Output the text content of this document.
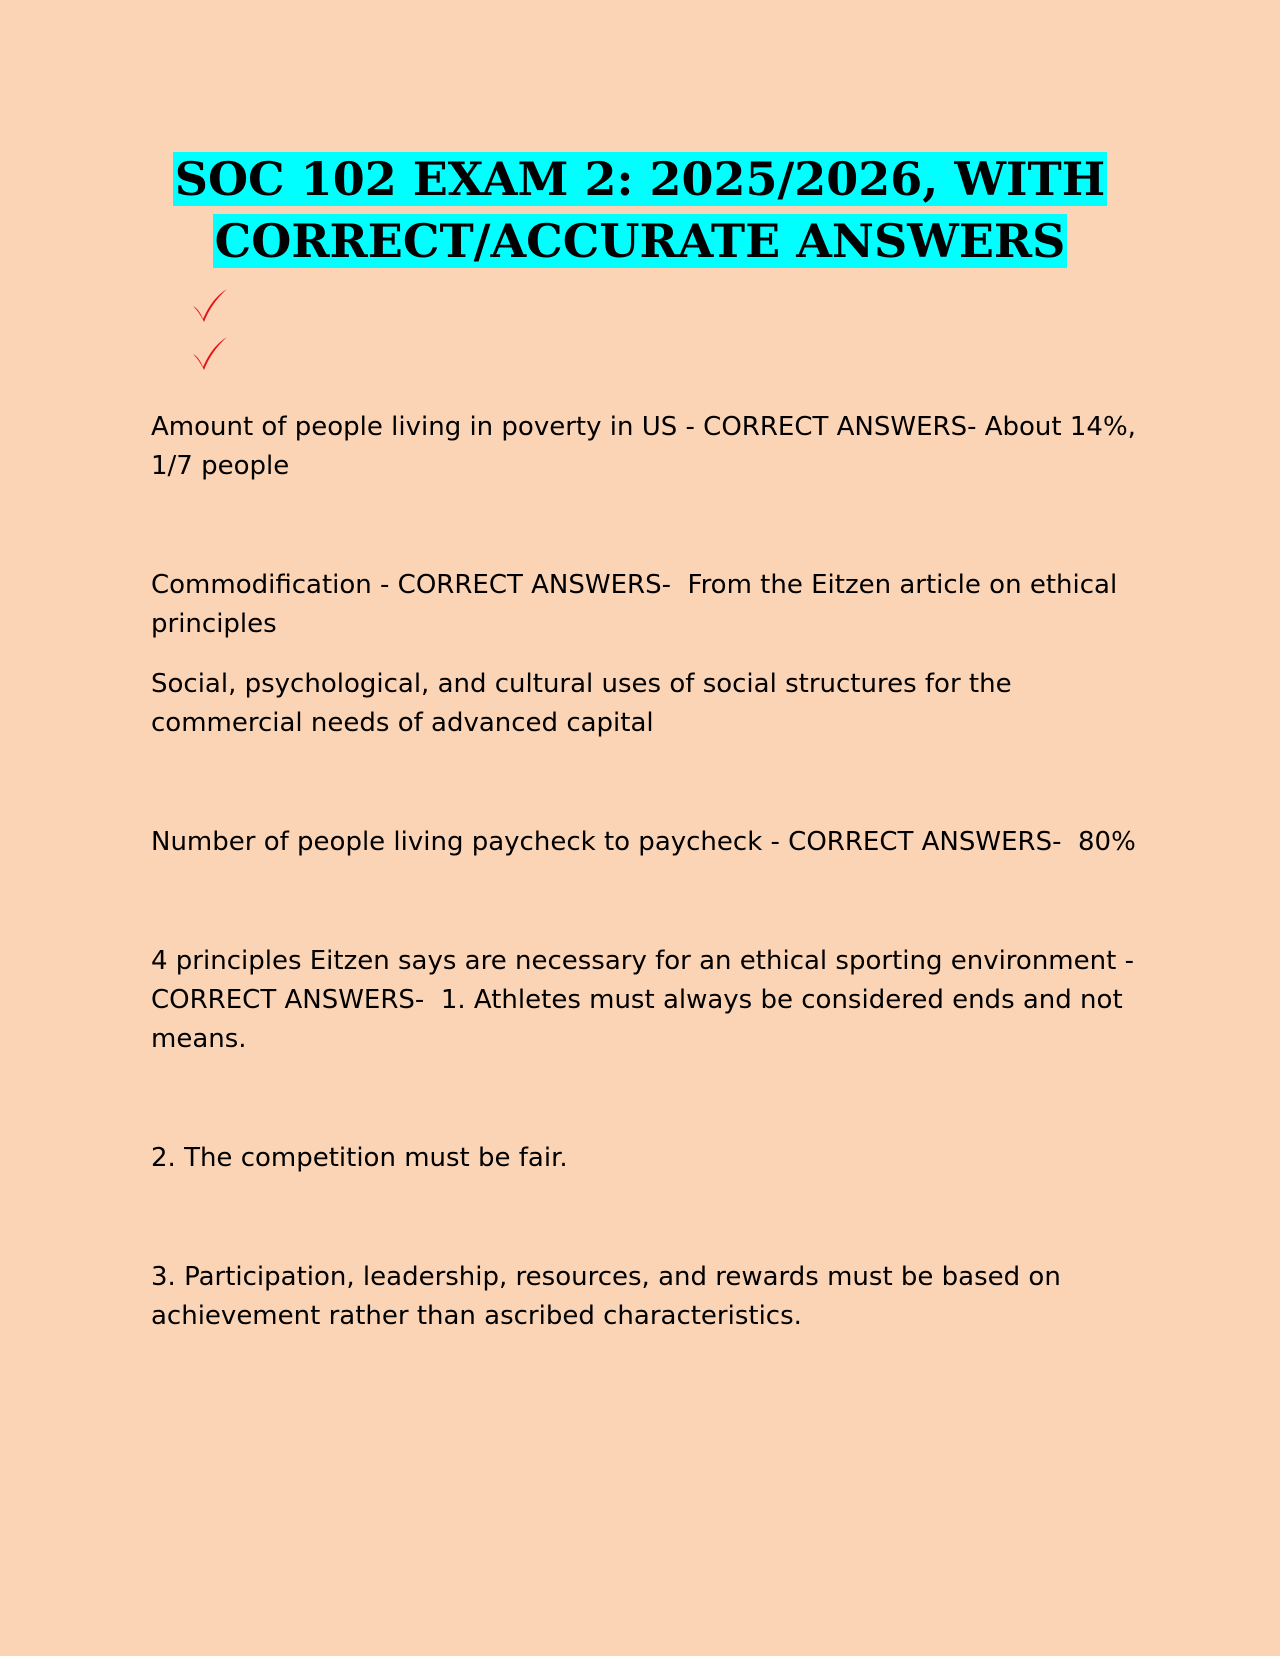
SOC 102 EXAM 2: 2025/2026, WITH
CORRECT/ACCURATE ANSWERS

Amount of people living in poverty in US - CORRECT ANSWERS- About 14%, 1/7 people

Commodification - CORRECT ANSWERS-  From the Eitzen article on ethical principles

Social, psychological, and cultural uses of social structures for the commercial needs of advanced capital

Number of people living paycheck to paycheck - CORRECT ANSWERS-  80%

4 principles Eitzen says are necessary for an ethical sporting environment - CORRECT ANSWERS-  1. Athletes must always be considered ends and not means.

2. The competition must be fair.

3. Participation, leadership, resources, and rewards must be based on achievement rather than ascribed characteristics.
